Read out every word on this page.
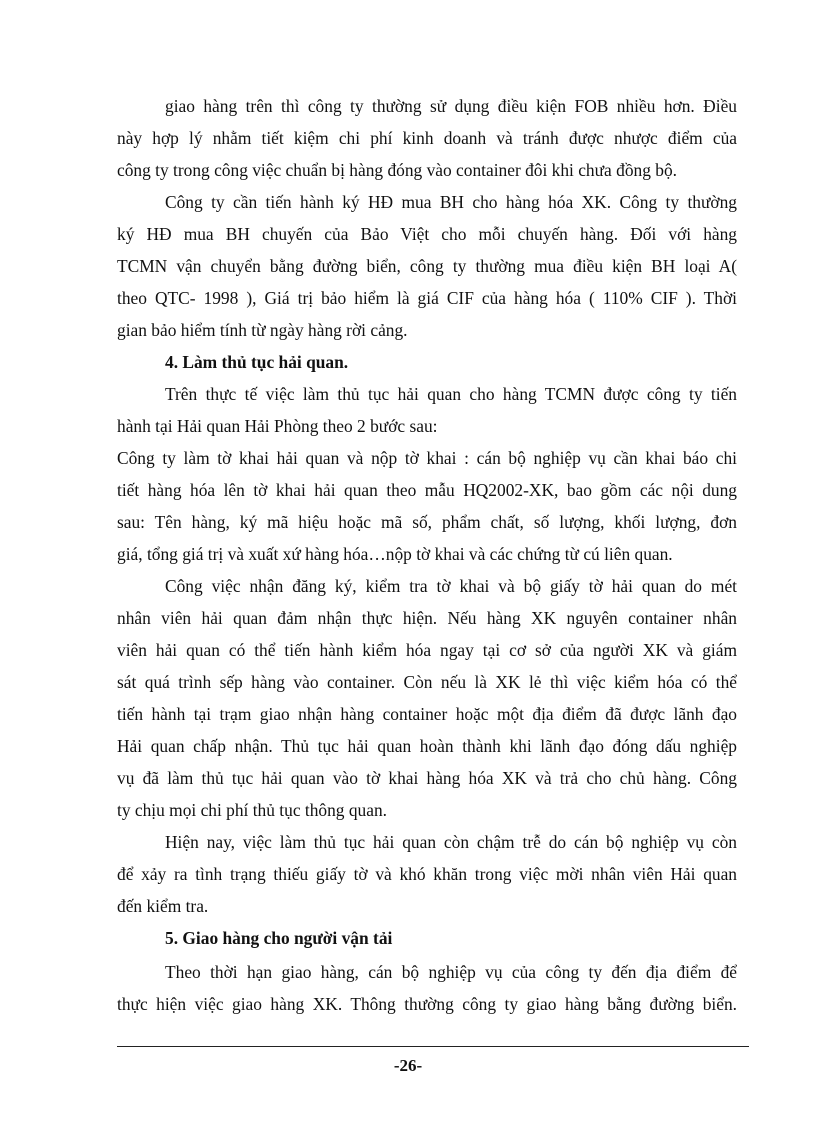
giao hàng trên thì công ty thường sử dụng điều kiện FOB nhiều hơn. Điều
này hợp lý nhằm tiết kiệm chi phí kinh doanh và tránh được nhược điểm của
công ty trong công việc chuẩn bị hàng đóng vào container đôi khi chưa đồng bộ.
Công ty cần tiến hành ký HĐ mua BH cho hàng hóa XK. Công ty thường
ký HĐ mua BH chuyến của Bảo Việt cho mỗi chuyến hàng. Đối với hàng
TCMN vận chuyển bằng đường biển, công ty thường mua điều kiện BH loại A(
theo QTC- 1998 ), Giá trị bảo hiểm là giá CIF của hàng hóa ( 110% CIF ). Thời
gian bảo hiểm tính từ ngày hàng rời cảng.
4. Làm thủ tục hải quan.
Trên thực tế việc làm thủ tục hải quan cho hàng TCMN được công ty tiến
hành tại Hải quan Hải Phòng theo 2 bước sau:
Công ty làm tờ khai hải quan và nộp tờ khai : cán bộ nghiệp vụ cần khai báo chi
tiết hàng hóa lên tờ khai hải quan theo mẫu HQ2002-XK, bao gồm các nội dung
sau: Tên hàng, ký mã hiệu hoặc mã số, phẩm chất, số lượng, khối lượng, đơn
giá, tổng giá trị và xuất xứ hàng hóa…nộp tờ khai và các chứng từ cú liên quan.
Công việc nhận đăng ký, kiểm tra tờ khai và bộ giấy tờ hải quan do mét
nhân viên hải quan đảm nhận thực hiện. Nếu hàng XK nguyên container nhân
viên hải quan có thể tiến hành kiểm hóa ngay tại cơ sở của người XK và giám
sát quá trình sếp hàng vào container. Còn nếu là XK lẻ thì việc kiểm hóa có thể
tiến hành tại trạm giao nhận hàng container hoặc một địa điểm đã được lãnh đạo
Hải quan chấp nhận. Thủ tục hải quan hoàn thành khi lãnh đạo đóng dấu nghiệp
vụ đã làm thủ tục hải quan vào tờ khai hàng hóa XK và trả cho chủ hàng. Công
ty chịu mọi chi phí thủ tục thông quan.
Hiện nay, việc làm thủ tục hải quan còn chậm trễ do cán bộ nghiệp vụ còn
để xảy ra tình trạng thiếu giấy tờ và khó khăn trong việc mời nhân viên Hải quan
đến kiểm tra.
5. Giao hàng cho người vận tải
Theo thời hạn giao hàng, cán bộ nghiệp vụ của công ty đến địa điểm để
thực hiện việc giao hàng XK. Thông thường công ty giao hàng bằng đường biển.
-26-
